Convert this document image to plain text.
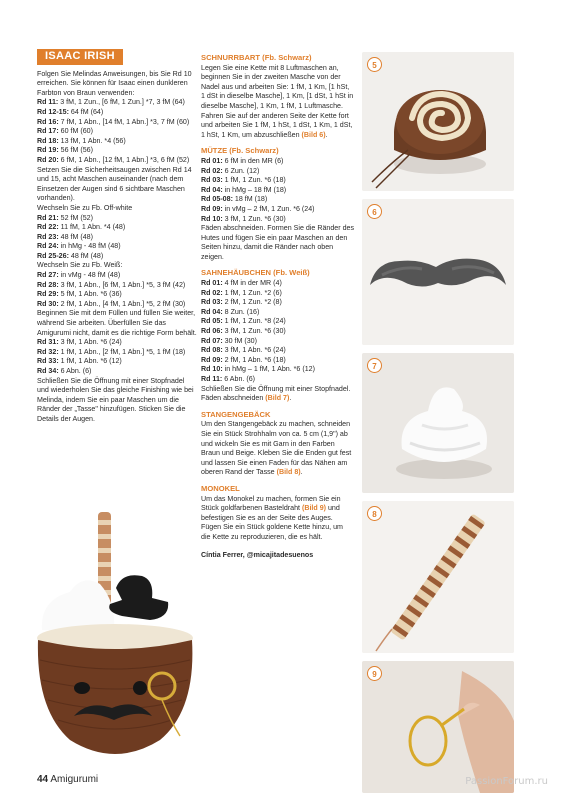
ISAAC IRISH

Folgen Sie Melindas Anweisungen, bis Sie Rd 10 erreichen. Sie können für Isaac einen dunkleren Farbton von Braun verwenden:

Rd 11: 3 fM, 1 Zun., [6 fM, 1 Zun.] *7, 3 fM (64)

Rd 12-15: 64 fM (64)

Rd 16: 7 fM, 1 Abn., [14 fM, 1 Abn.] *3, 7 fM (60)

Rd 17: 60 fM (60)

Rd 18: 13 fM, 1 Abn. *4 (56)

Rd 19: 56 fM (56)

Rd 20: 6 fM, 1 Abn., [12 fM, 1 Abn.] *3, 6 fM (52)

Setzen Sie die Sicherheitsaugen zwischen Rd 14 und 15, acht Maschen auseinander (nach dem Einsetzen der Augen sind 6 sichtbare Maschen vorhanden).

Wechseln Sie zu Fb. Off-white

Rd 21: 52 fM (52)

Rd 22: 11 fM, 1 Abn. *4 (48)

Rd 23: 48 fM (48)

Rd 24: in hMg - 48 fM (48)

Rd 25-26: 48 fM (48)

Wechseln Sie zu Fb. Weiß:

Rd 27: in vMg - 48 fM (48)

Rd 28: 3 fM, 1 Abn., [6 fM, 1 Abn.] *5, 3 fM (42)

Rd 29: 5 fM, 1 Abn. *6 (36)

Rd 30: 2 fM, 1 Abn., [4 fM, 1 Abn.] *5, 2 fM (30)

Beginnen Sie mit dem Füllen und füllen Sie weiter, während Sie arbeiten. Überfüllen Sie das Amigurumi nicht, damit es die richtige Form behält.

Rd 31: 3 fM, 1 Abn. *6 (24)

Rd 32: 1 fM, 1 Abn., [2 fM, 1 Abn.] *5, 1 fM (18)

Rd 33: 1 fM, 1 Abn. *6 (12)

Rd 34: 6 Abn. (6)

Schließen Sie die Öffnung mit einer Stopfnadel und wiederholen Sie das gleiche Finishing wie bei Melinda, indem Sie ein paar Maschen um die Ränder der „Tasse" hinzufügen. Sticken Sie die Details der Augen.

SCHNURRBART (Fb. Schwarz)

Legen Sie eine Kette mit 8 Luftmaschen an, beginnen Sie in der zweiten Masche von der Nadel aus und arbeiten Sie: 1 fM, 1 Km, [1 hSt, 1 dSt in dieselbe Masche], 1 Km, [1 dSt, 1 hSt in dieselbe Masche], 1 Km, 1 fM, 1 Luftmasche. Fahren Sie auf der anderen Seite der Kette fort und arbeiten Sie 1 fM, 1 hSt, 1 dSt, 1 Km, 1 dSt, 1 hSt, 1 Km, um abzuschließen (Bild 6).

MÜTZE (Fb. Schwarz)

Rd 01: 6 fM in den MR (6)

Rd 02: 6 Zun. (12)

Rd 03: 1 fM, 1 Zun. *6 (18)

Rd 04: in hMg – 18 fM (18)

Rd 05-08: 18 fM (18)

Rd 09: in vMg – 2 fM, 1 Zun. *6 (24)

Rd 10: 3 fM, 1 Zun. *6 (30)

Fäden abschneiden. Formen Sie die Ränder des Hutes und fügen Sie ein paar Maschen an den Seiten hinzu, damit die Ränder nach oben zeigen.

SAHNEHÄUBCHEN (Fb. Weiß)

Rd 01: 4 fM in der MR (4)

Rd 02: 1 fM, 1 Zun. *2 (6)

Rd 03: 2 fM, 1 Zun. *2 (8)

Rd 04: 8 Zun. (16)

Rd 05: 1 fM, 1 Zun. *8 (24)

Rd 06: 3 fM, 1 Zun. *6 (30)

Rd 07: 30 fM (30)

Rd 08: 3 fM, 1 Abn. *6 (24)

Rd 09: 2 fM, 1 Abn. *6 (18)

Rd 10: in hMg – 1 fM, 1 Abn. *6 (12)

Rd 11: 6 Abn. (6)

Schließen Sie die Öffnung mit einer Stopfnadel. Fäden abschneiden (Bild 7).

STANGENGEBÄCK

Um den Stangengebäck zu machen, schneiden Sie ein Stück Strohhalm von ca. 5 cm (1,9") ab und wickeln Sie es mit Garn in den Farben Braun und Beige. Kleben Sie die Enden gut fest und lassen Sie einen Faden für das Nähen am oberen Rand der Tasse (Bild 8).

MONOKEL

Um das Monokel zu machen, formen Sie ein Stück goldfarbenen Basteldraht (Bild 9) und befestigen Sie es an der Seite des Auges. Fügen Sie ein Stück goldene Kette hinzu, um die Kette zu reproduzieren, die es hält.

Cíntia Ferrer, @micajitadesuenos

5
6
7
8
9
44 Amigurumi	PassionForum.ru
